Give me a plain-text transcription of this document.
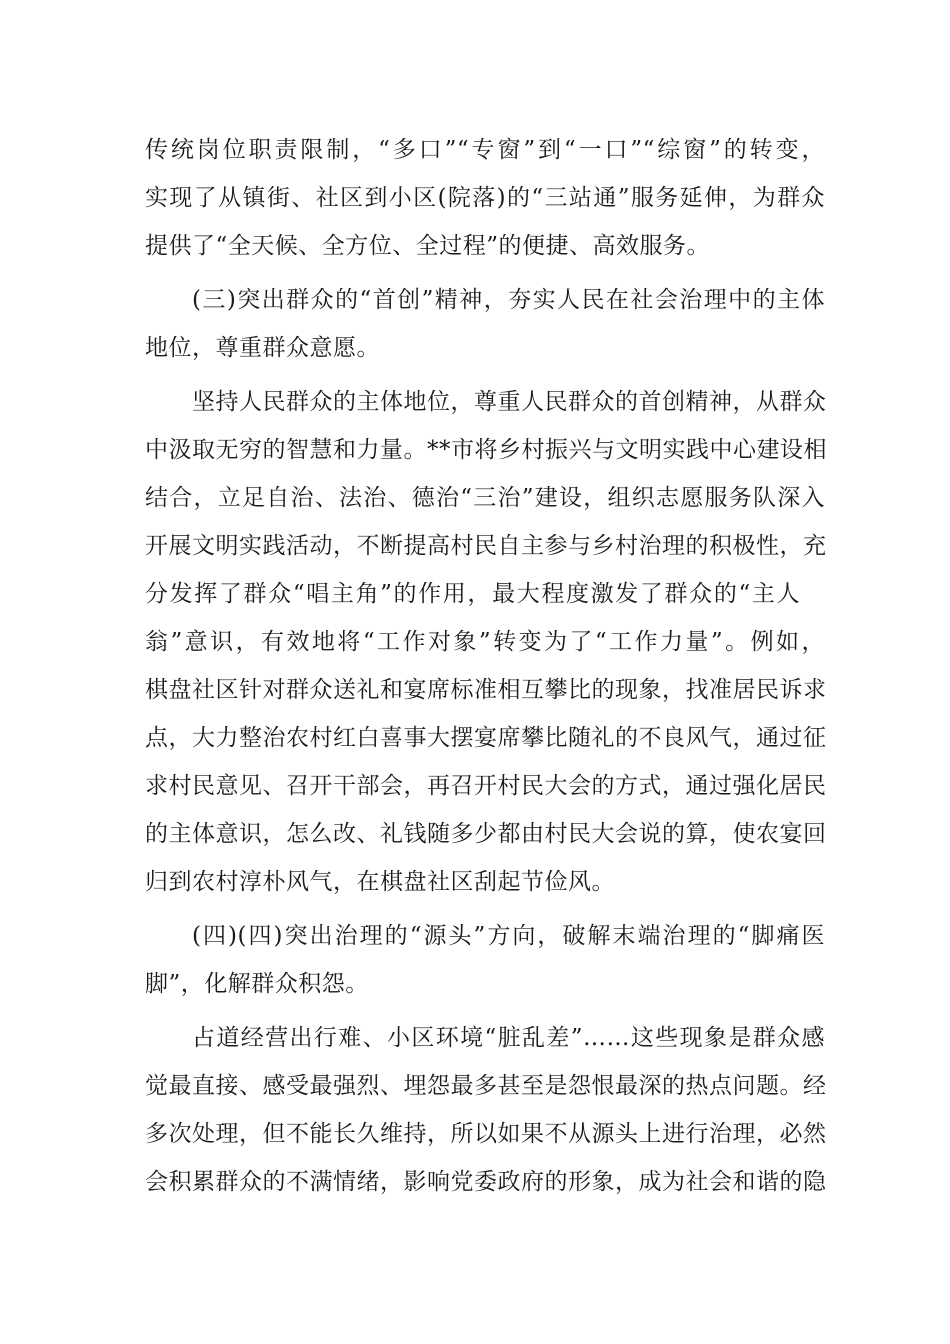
传统岗位职责限制，“多口”“专窗”到“一口”“综窗”的转变，
实现了从镇街、社区到小区(院落)的“三站通”服务延伸，为群众
提供了“全天候、全方位、全过程”的便捷、高效服务。
(三)突出群众的“首创”精神，夯实人民在社会治理中的主体
地位，尊重群众意愿。
坚持人民群众的主体地位，尊重人民群众的首创精神，从群众
中汲取无穷的智慧和力量。**市将乡村振兴与文明实践中心建设相
结合，立足自治、法治、德治“三治”建设，组织志愿服务队深入
开展文明实践活动，不断提高村民自主参与乡村治理的积极性，充
分发挥了群众“唱主角”的作用，最大程度激发了群众的“主人
翁”意识，有效地将“工作对象”转变为了“工作力量”。例如，
棋盘社区针对群众送礼和宴席标准相互攀比的现象，找准居民诉求
点，大力整治农村红白喜事大摆宴席攀比随礼的不良风气，通过征
求村民意见、召开干部会，再召开村民大会的方式，通过强化居民
的主体意识，怎么改、礼钱随多少都由村民大会说的算，使农宴回
归到农村淳朴风气，在棋盘社区刮起节俭风。
(四)(四)突出治理的“源头”方向，破解末端治理的“脚痛医
脚”，化解群众积怨。
占道经营出行难、小区环境“脏乱差”……这些现象是群众感
觉最直接、感受最强烈、埋怨最多甚至是怨恨最深的热点问题。经
多次处理，但不能长久维持，所以如果不从源头上进行治理，必然
会积累群众的不满情绪，影响党委政府的形象，成为社会和谐的隐
